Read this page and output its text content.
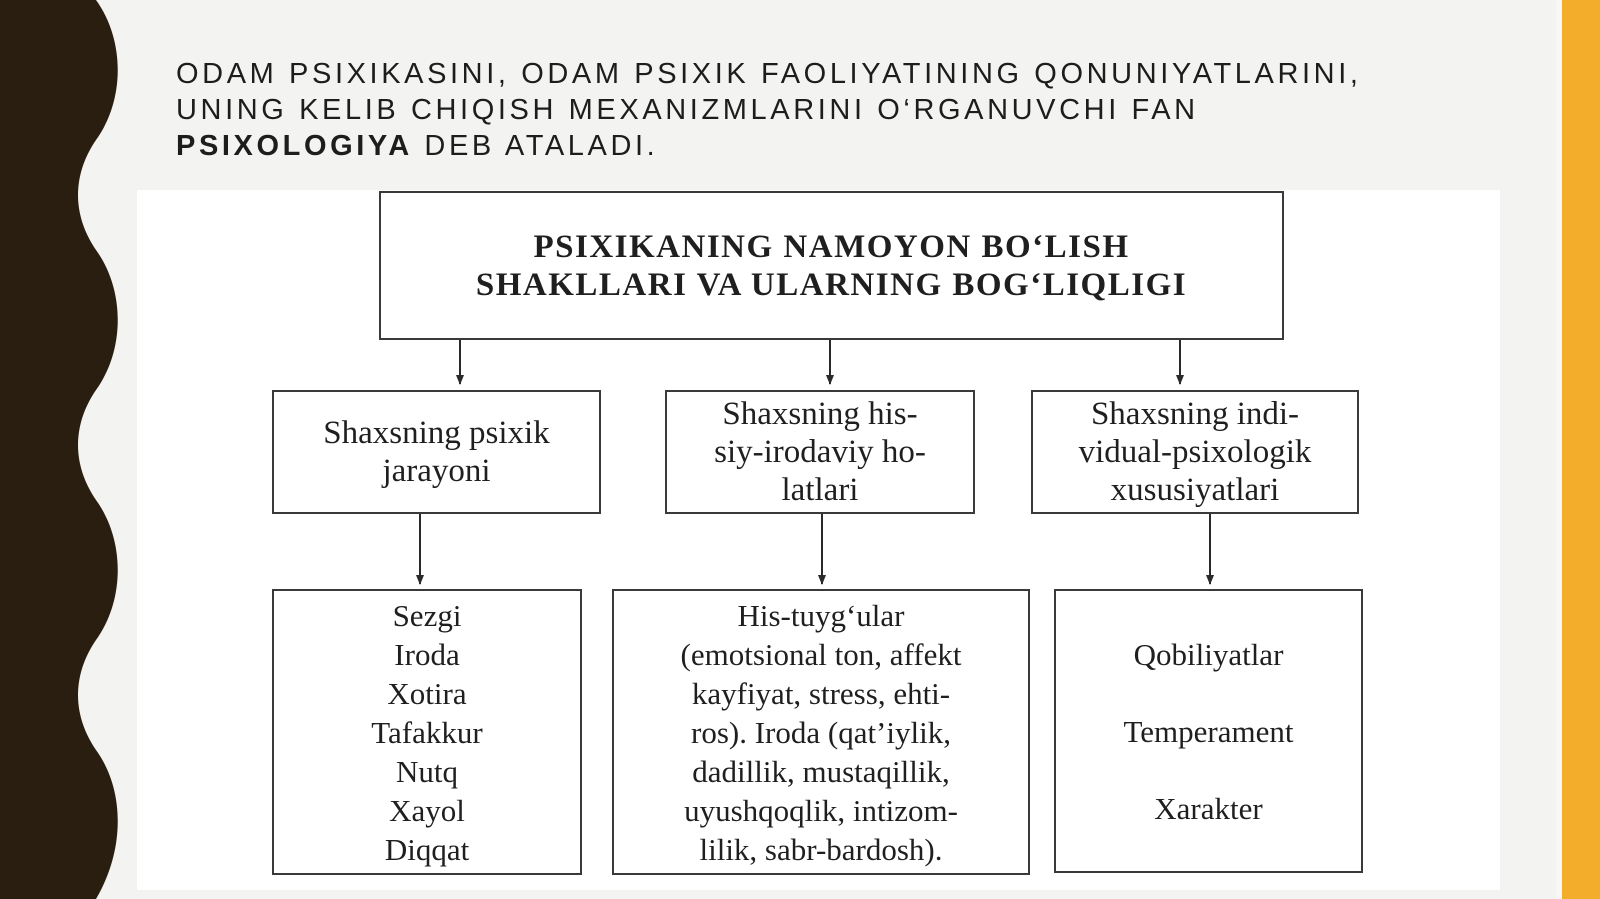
ODAM PSIXIKASINI, ODAM PSIXIK FAOLIYATINING QONUNIYATLARINI, UNING KELIB CHIQISH MEXANIZMLARINI O‘RGANUVCHI FAN PSIXOLOGIYA DEB ATALADI.
PSIXIKANING NAMOYON BO‘LISH
SHAKLLARI VA ULARNING BOG‘LIQLIGI
Shaxsning psixik
jarayoni
Shaxsning his-
siy-irodaviy ho-
latlari
Shaxsning indi-
vidual-psixologik
xususiyatlari
Sezgi
Iroda
Xotira
Tafakkur
Nutq
Xayol
Diqqat
His-tuyg‘ular
(emotsional ton, affekt
kayfiyat, stress, ehti-
ros). Iroda (qat’iylik,
dadillik, mustaqillik,
uyushqoqlik, intizom-
lilik, sabr-bardosh).
Qobiliyatlar
Temperament
Xarakter
